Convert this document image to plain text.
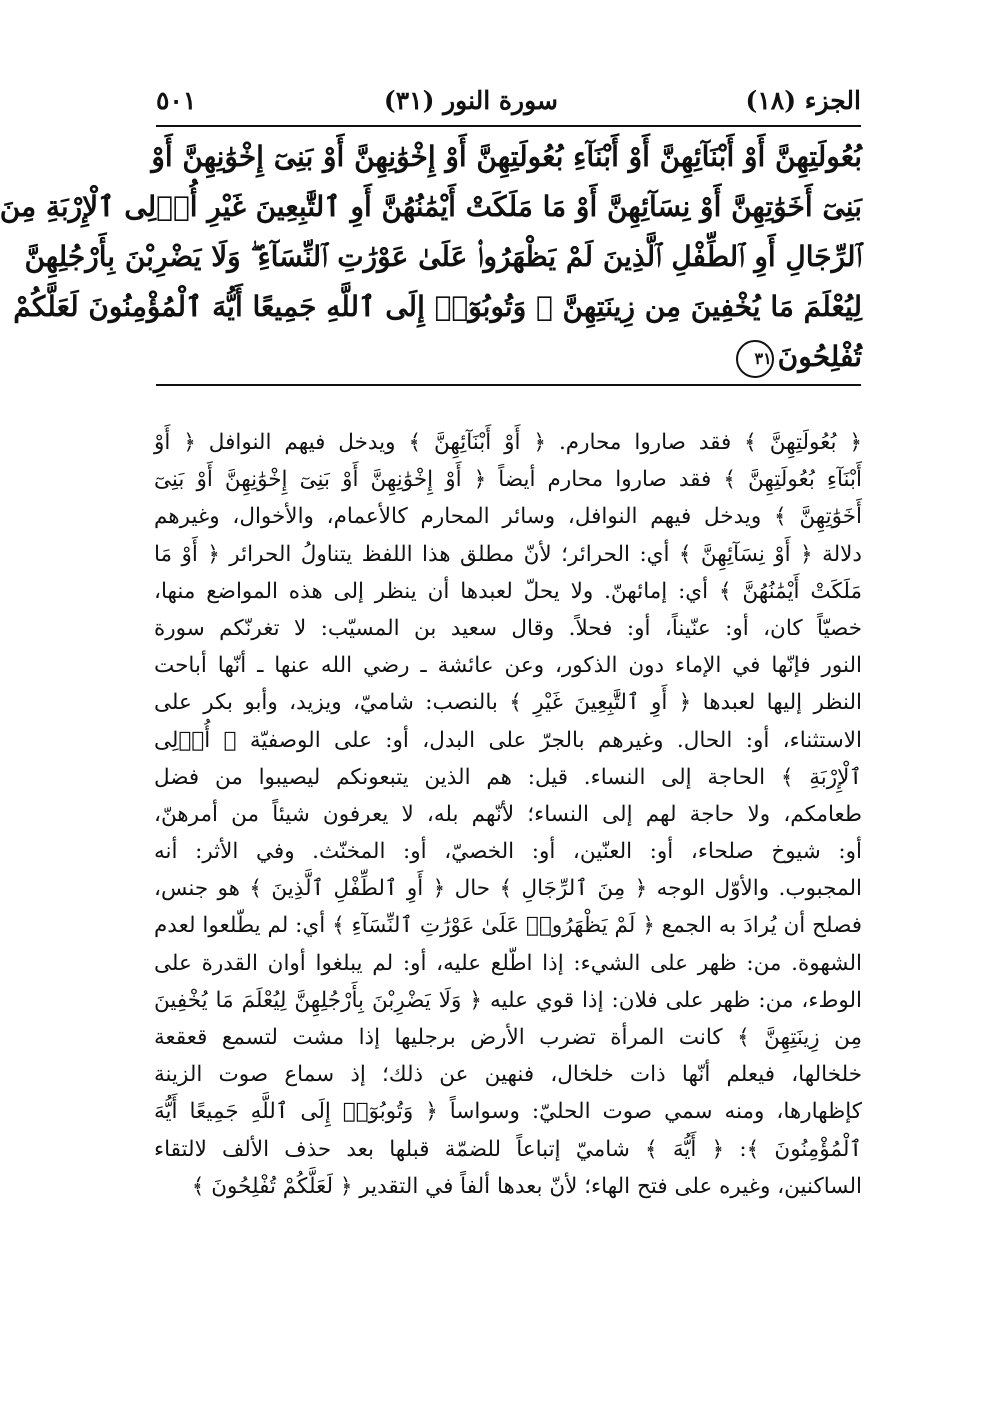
الجزء (١٨)
سورة النور (٣١)
٥٠١
بُعُولَتِهِنَّ أَوْ أَبْنَآئِهِنَّ أَوْ أَبْنَآءِ بُعُولَتِهِنَّ أَوْ إِخْوَٰنِهِنَّ أَوْ بَنِىٓ إِخْوَٰنِهِنَّ أَوْ
بَنِىٓ أَخَوَٰتِهِنَّ أَوْ نِسَآئِهِنَّ أَوْ مَا مَلَكَتْ أَيْمَٰنُهُنَّ أَوِ ٱلتَّٰبِعِينَ غَيْرِ أُو۟لِى ٱلْإِرْبَةِ مِنَ
ٱلرِّجَالِ أَوِ ٱلطِّفْلِ ٱلَّذِينَ لَمْ يَظْهَرُوا۟ عَلَىٰ عَوْرَٰتِ ٱلنِّسَآءِ ۖ وَلَا يَضْرِبْنَ بِأَرْجُلِهِنَّ
لِيُعْلَمَ مَا يُخْفِينَ مِن زِينَتِهِنَّ ۚ وَتُوبُوٓا۟ إِلَى ٱللَّهِ جَمِيعًا أَيُّهَ ٱلْمُؤْمِنُونَ لَعَلَّكُمْ
تُفْلِحُونَ٣١
﴿ بُعُولَتِهِنَّ ﴾ فقد صاروا محارم. ﴿ أَوْ أَبْنَآئِهِنَّ ﴾ ويدخل فيهم النوافل ﴿ أَوْ
أَبْنَآءِ بُعُولَتِهِنَّ ﴾ فقد صاروا محارم أيضاً ﴿ أَوْ إِخْوَٰنِهِنَّ أَوْ بَنِىٓ إِخْوَٰنِهِنَّ أَوْ بَنِىٓ
أَخَوَٰتِهِنَّ ﴾ ويدخل فيهم النوافل، وسائر المحارم كالأعمام، والأخوال، وغيرهم
دلالة ﴿ أَوْ نِسَآئِهِنَّ ﴾ أي: الحرائر؛ لأنّ مطلق هذا اللفظ يتناولُ الحرائر ﴿ أَوْ مَا
مَلَكَتْ أَيْمَٰنُهُنَّ ﴾ أي: إمائهنّ. ولا يحلّ لعبدها أن ينظر إلى هذه المواضع منها،
خصيّاً كان، أو: عنّيناً، أو: فحلاً. وقال سعيد بن المسيّب: لا تغرنّكم سورة
النور فإنّها في الإماء دون الذكور، وعن عائشة ـ رضي الله عنها ـ أنّها أباحت
النظر إليها لعبدها ﴿ أَوِ ٱلتَّٰبِعِينَ غَيْرِ ﴾ بالنصب: شاميّ، ويزيد، وأبو بكر على
الاستثناء، أو: الحال. وغيرهم بالجرّ على البدل، أو: على الوصفيّة ﴿ أُو۟لِى
ٱلْإِرْبَةِ ﴾ الحاجة إلى النساء. قيل: هم الذين يتبعونكم ليصيبوا من فضل
طعامكم، ولا حاجة لهم إلى النساء؛ لأنّهم بله، لا يعرفون شيئاً من أمرهنّ،
أو: شيوخ صلحاء، أو: العنّين، أو: الخصيّ، أو: المخنّث. وفي الأثر: أنه
المجبوب. والأوّل الوجه ﴿ مِنَ ٱلرِّجَالِ ﴾ حال ﴿ أَوِ ٱلطِّفْلِ ٱلَّذِينَ ﴾ هو جنس،
فصلح أن يُرادَ به الجمع ﴿ لَمْ يَظْهَرُوا۟ عَلَىٰ عَوْرَٰتِ ٱلنِّسَآءِ ﴾ أي: لم يطّلعوا لعدم
الشهوة. من: ظهر على الشيء: إذا اطّلع عليه، أو: لم يبلغوا أوان القدرة على
الوطء، من: ظهر على فلان: إذا قوي عليه ﴿ وَلَا يَضْرِبْنَ بِأَرْجُلِهِنَّ لِيُعْلَمَ مَا يُخْفِينَ
مِن زِينَتِهِنَّ ﴾ كانت المرأة تضرب الأرض برجليها إذا مشت لتسمع قعقعة
خلخالها، فيعلم أنّها ذات خلخال، فنهين عن ذلك؛ إذ سماع صوت الزينة
كإظهارها، ومنه سمي صوت الحليّ: وسواساً ﴿ وَتُوبُوٓا۟ إِلَى ٱللَّهِ جَمِيعًا أَيُّهَ
ٱلْمُؤْمِنُونَ ﴾: ﴿ أَيُّهَ ﴾ شاميّ إتباعاً للضمّة قبلها بعد حذف الألف لالتقاء
الساكنين، وغيره على فتح الهاء؛ لأنّ بعدها ألفاً في التقدير ﴿ لَعَلَّكُمْ تُفْلِحُونَ ﴾
